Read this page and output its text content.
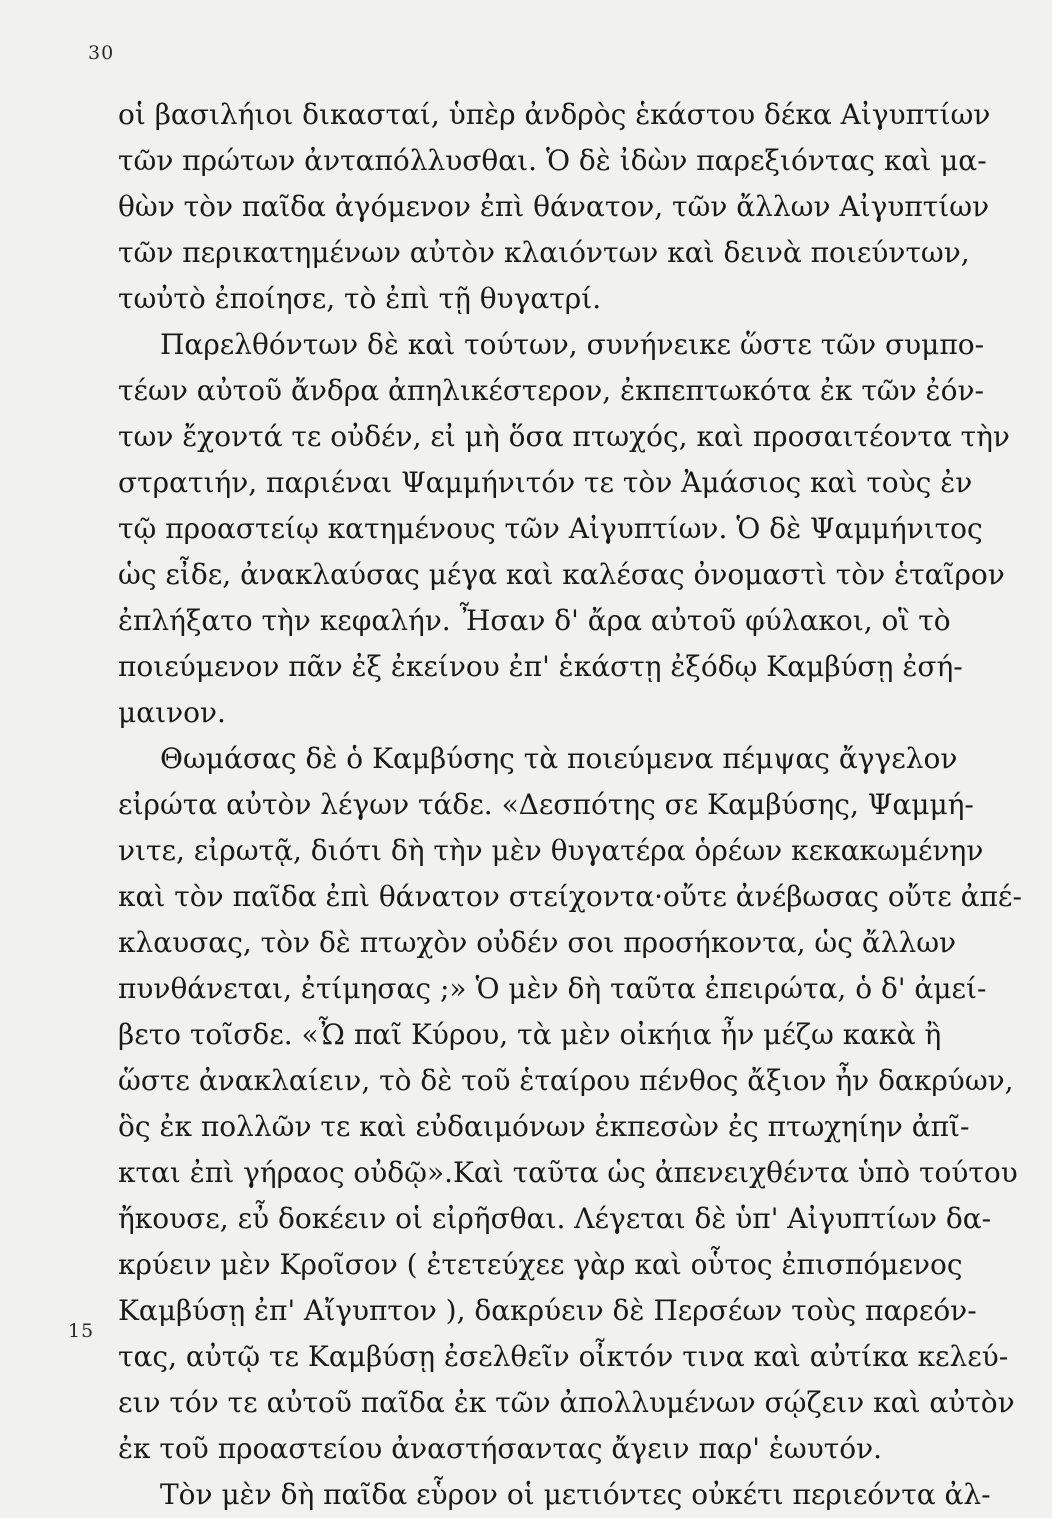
30
οἱ βασιλήιοι δικασταί, ὑπὲρ ἀνδρὸς ἑκάστου δέκα Αἰγυπτίων
τῶν πρώτων ἀνταπόλλυσθαι. Ὁ δὲ ἰδὼν παρεξιόντας καὶ μα-
θὼν τὸν παῖδα ἀγόμενον ἐπὶ θάνατον, τῶν ἄλλων Αἰγυπτίων
τῶν περικατημένων αὐτὸν κλαιόντων καὶ δεινὰ ποιεύντων,
τωὐτὸ ἐποίησε, τὸ ἐπὶ τῇ θυγατρί.
Παρελθόντων δὲ καὶ τούτων, συνήνεικε ὥστε τῶν συμπο-
τέων αὐτοῦ ἄνδρα ἀπηλικέστερον, ἐκπεπτωκότα ἐκ τῶν ἐόν-
των ἔχοντά τε οὐδέν, εἰ μὴ ὅσα πτωχός, καὶ προσαιτέοντα τὴν
στρατιήν, παριέναι Ψαμμήνιτόν τε τὸν Ἀμάσιος καὶ τοὺς ἐν
τῷ προαστείῳ κατημένους τῶν Αἰγυπτίων. Ὁ δὲ Ψαμμήνιτος
ὡς εἶδε, ἀνακλαύσας μέγα καὶ καλέσας ὀνομαστὶ τὸν ἑταῖρον
ἐπλήξατο τὴν κεφαλήν. Ἦσαν δ' ἄρα αὐτοῦ φύλακοι, οἳ τὸ
ποιεύμενον πᾶν ἐξ ἐκείνου ἐπ' ἑκάστῃ ἐξόδῳ Καμβύσῃ ἐσή-
μαινον.
Θωμάσας δὲ ὁ Καμβύσης τὰ ποιεύμενα πέμψας ἄγγελον
εἰρώτα αὐτὸν λέγων τάδε. «Δεσπότης σε Καμβύσης, Ψαμμή-
νιτε, εἰρωτᾷ, διότι δὴ τὴν μὲν θυγατέρα ὁρέων κεκακωμένην
καὶ τὸν παῖδα ἐπὶ θάνατον στείχοντα·οὔτε ἀνέβωσας οὔτε ἀπέ-
κλαυσας, τὸν δὲ πτωχὸν οὐδέν σοι προσήκοντα, ὡς ἄλλων
πυνθάνεται, ἐτίμησας ;» Ὁ μὲν δὴ ταῦτα ἐπειρώτα, ὁ δ' ἀμεί-
βετο τοῖσδε. «Ὦ παῖ Κύρου, τὰ μὲν οἰκήια ἦν μέζω κακὰ ἢ
ὥστε ἀνακλαίειν, τὸ δὲ τοῦ ἑταίρου πένθος ἄξιον ἦν δακρύων,
ὃς ἐκ πολλῶν τε καὶ εὐδαιμόνων ἐκπεσὼν ἐς πτωχηίην ἀπῖ-
κται ἐπὶ γήραος οὐδῷ».Καὶ ταῦτα ὡς ἀπενειχθέντα ὑπὸ τούτου
ἤκουσε, εὖ δοκέειν οἱ εἰρῆσθαι. Λέγεται δὲ ὑπ' Αἰγυπτίων δα-
κρύειν μὲν Κροῖσον ( ἐτετεύχεε γὰρ καὶ οὗτος ἐπισπόμενος
Καμβύσῃ ἐπ' Αἴγυπτον ), δακρύειν δὲ Περσέων τοὺς παρεόν-
τας, αὐτῷ τε Καμβύσῃ ἐσελθεῖν οἶκτόν τινα καὶ αὐτίκα κελεύ-
ειν τόν τε αὐτοῦ παῖδα ἐκ τῶν ἀπολλυμένων σῴζειν καὶ αὐτὸν
ἐκ τοῦ προαστείου ἀναστήσαντας ἄγειν παρ' ἑωυτόν.
Τὸν μὲν δὴ παῖδα εὗρον οἱ μετιόντες οὐκέτι περιεόντα ἀλ-
15
